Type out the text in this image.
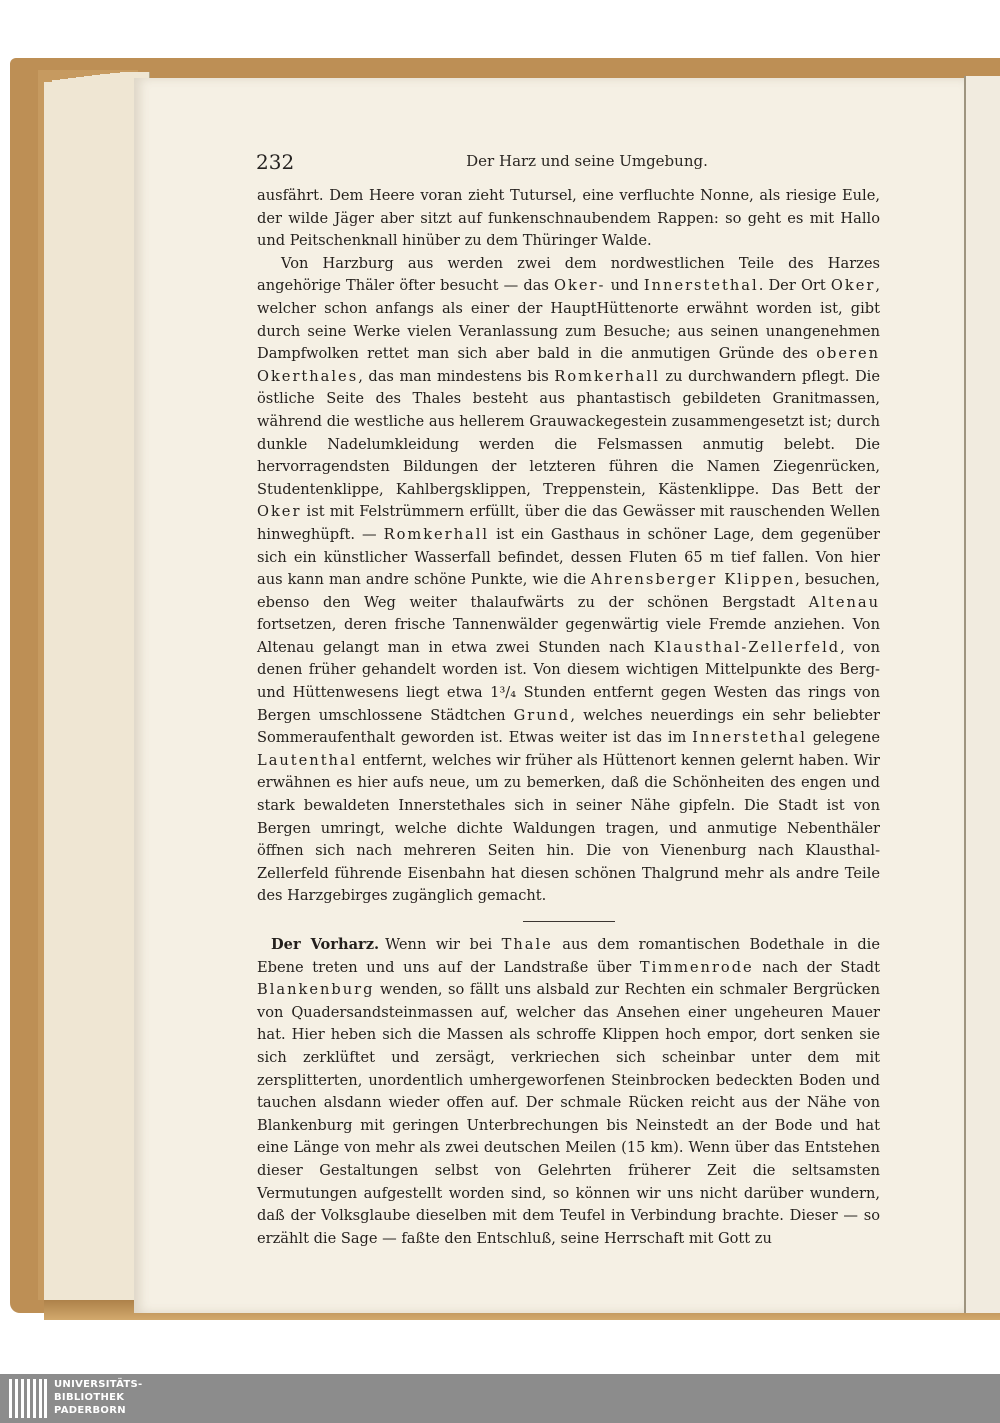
232	Der Harz und seine Umgebung.

ausfährt. Dem Heere voran zieht Tutursel, eine verfluchte Nonne, als riesige Eule, der wilde Jäger aber sitzt auf funkenschnaubendem Rappen: so geht es mit Hallo und Peitschenknall hinüber zu dem Thüringer Walde.

Von Harzburg aus werden zwei dem nordwestlichen Teile des Harzes angehörige Thäler öfter besucht — das Oker- und Innerstethal. Der Ort Oker, welcher schon anfangs als einer der HauptHüttenorte erwähnt worden ist, gibt durch seine Werke vielen Veranlassung zum Besuche; aus seinen unangenehmen Dampfwolken rettet man sich aber bald in die anmutigen Gründe des oberen Okerthales, das man mindestens bis Romkerhall zu durchwandern pflegt. Die östliche Seite des Thales besteht aus phantastisch gebildeten Granitmassen, während die westliche aus hellerem Grauwackegestein zusammengesetzt ist; durch dunkle Nadelumkleidung werden die Felsmassen anmutig belebt. Die hervorragendsten Bildungen der letzteren führen die Namen Ziegenrücken, Studentenklippe, Kahlbergsklippen, Treppenstein, Kästenklippe. Das Bett der Oker ist mit Felstrümmern erfüllt, über die das Gewässer mit rauschenden Wellen hinweghüpft. — Romkerhall ist ein Gasthaus in schöner Lage, dem gegenüber sich ein künstlicher Wasserfall befindet, dessen Fluten 65 m tief fallen. Von hier aus kann man andre schöne Punkte, wie die Ahrensberger Klippen, besuchen, ebenso den Weg weiter thalaufwärts zu der schönen Bergstadt Altenau fortsetzen, deren frische Tannenwälder gegenwärtig viele Fremde anziehen. Von Altenau gelangt man in etwa zwei Stunden nach Klausthal-Zellerfeld, von denen früher gehandelt worden ist. Von diesem wichtigen Mittelpunkte des Berg- und Hüttenwesens liegt etwa 1³/₄ Stunden entfernt gegen Westen das rings von Bergen umschlossene Städtchen Grund, welches neuerdings ein sehr beliebter Sommeraufenthalt geworden ist. Etwas weiter ist das im Innerstethal gelegene Lautenthal entfernt, welches wir früher als Hüttenort kennen gelernt haben. Wir erwähnen es hier aufs neue, um zu bemerken, daß die Schönheiten des engen und stark bewaldeten Innerstethales sich in seiner Nähe gipfeln. Die Stadt ist von Bergen umringt, welche dichte Waldungen tragen, und anmutige Nebenthäler öffnen sich nach mehreren Seiten hin. Die von Vienenburg nach Klausthal-Zellerfeld führende Eisenbahn hat diesen schönen Thalgrund mehr als andre Teile des Harzgebirges zugänglich gemacht.

Der Vorharz. Wenn wir bei Thale aus dem romantischen Bodethale in die Ebene treten und uns auf der Landstraße über Timmenrode nach der Stadt Blankenburg wenden, so fällt uns alsbald zur Rechten ein schmaler Bergrücken von Quadersandsteinmassen auf, welcher das Ansehen einer ungeheuren Mauer hat. Hier heben sich die Massen als schroffe Klippen hoch empor, dort senken sie sich zerklüftet und zersägt, verkriechen sich scheinbar unter dem mit zersplitterten, unordentlich umhergeworfenen Steinbrocken bedeckten Boden und tauchen alsdann wieder offen auf. Der schmale Rücken reicht aus der Nähe von Blankenburg mit geringen Unterbrechungen bis Neinstedt an der Bode und hat eine Länge von mehr als zwei deutschen Meilen (15 km). Wenn über das Entstehen dieser Gestaltungen selbst von Gelehrten früherer Zeit die seltsamsten Vermutungen aufgestellt worden sind, so können wir uns nicht darüber wundern, daß der Volksglaube dieselben mit dem Teufel in Verbindung brachte. Dieser — so erzählt die Sage — faßte den Entschluß, seine Herrschaft mit Gott zu

UNIVERSITÄTS-
BIBLIOTHEK
PADERBORN
